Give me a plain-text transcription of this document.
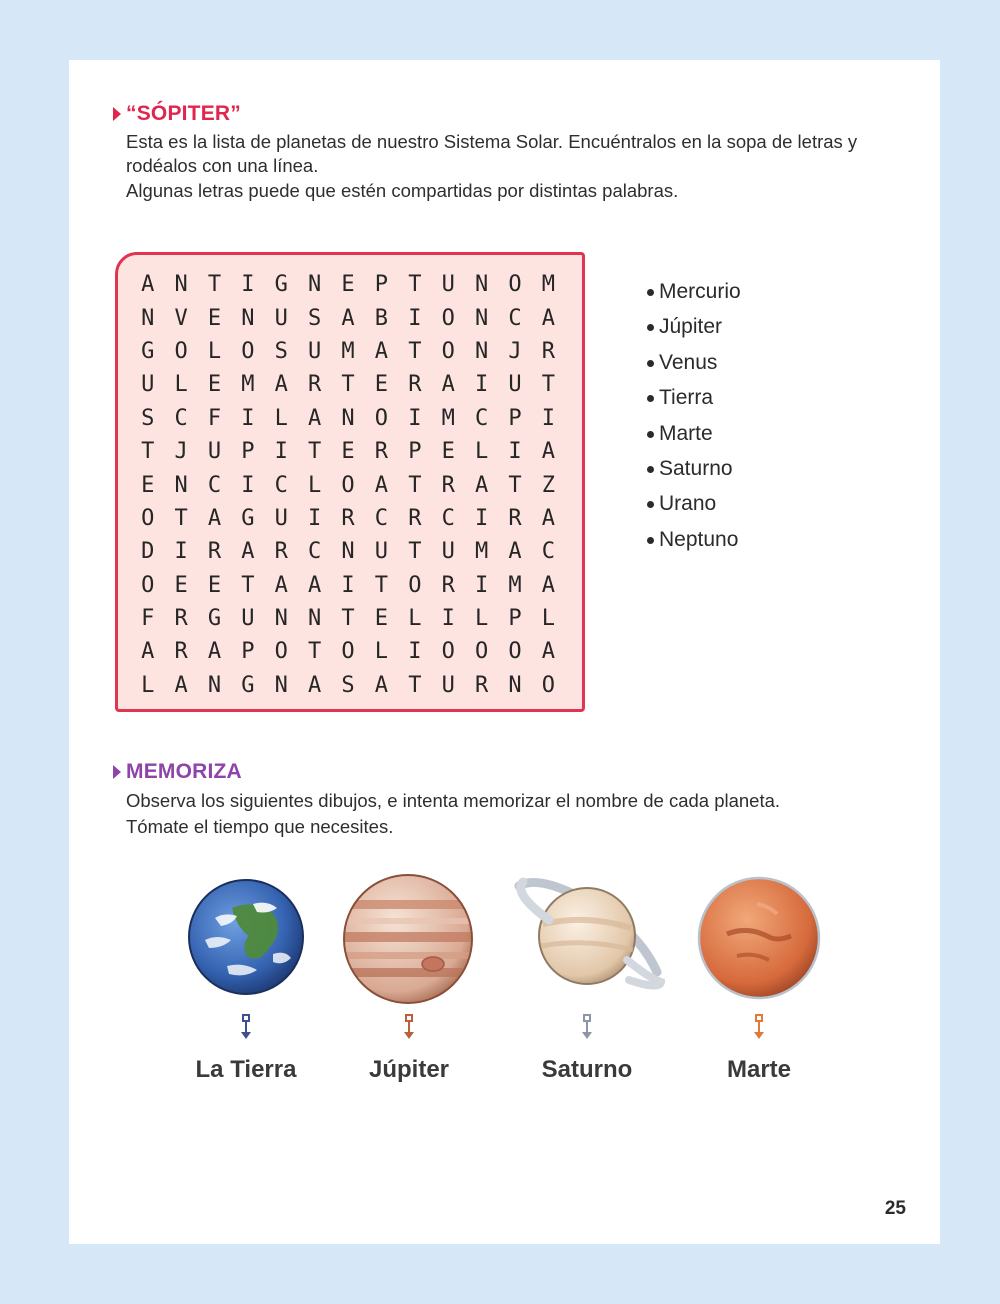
“SÓPITER”

Esta es la lista de planetas de nuestro Sistema Solar. Encuéntralos en la sopa de letras y rodéalos con una línea.

Algunas letras puede que estén compartidas por distintas palabras.

A N T I G N E P T U N O M
N V E N U S A B I O N C A
G O L O S U M A T O N J R
U L E M A R T E R A I U T
S C F I L A N O I M C P I
T J U P I T E R P E L I A
E N C I C L O A T R A T Z
O T A G U I R C R C I R A
D I R A R C N U T U M A C
O E E T A A I T O R I M A
F R G U N N T E L I L P L
A R A P O T O L I O O O A
L A N G N A S A T U R N O
Mercurio
Júpiter
Venus
Tierra
Marte
Saturno
Urano
Neptuno
MEMORIZA

Observa los siguientes dibujos, e intenta memorizar el nombre de cada planeta.

Tómate el tiempo que necesites.

La Tierra	Júpiter	Saturno	Marte
25
